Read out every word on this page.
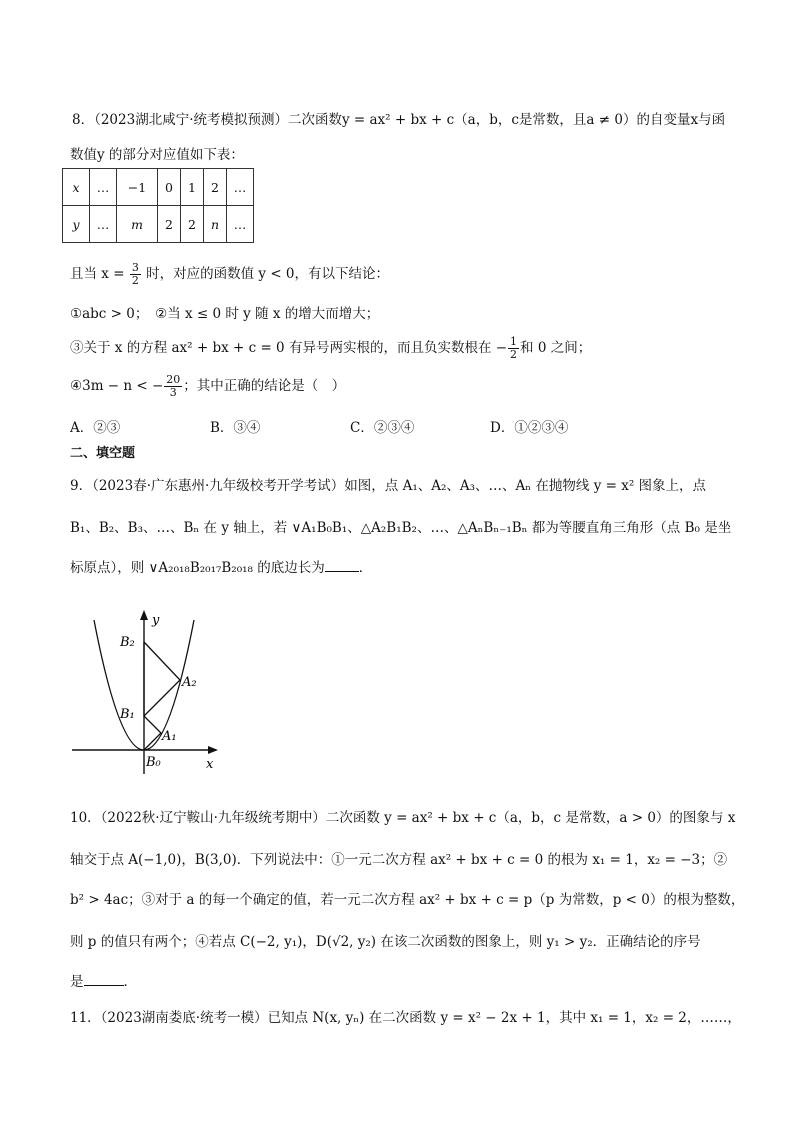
8．（2023湖北咸宁·统考模拟预测）二次函数y = ax² + bx + c（a，b，c是常数，且a ≠ 0）的自变量x与函
数值y 的部分对应值如下表：
x	…	−1	0	1	2	…
y	…	m	2	2	n	…
且当 $x = \frac{3}{2}$ 时，对应的函数值 y < 0，有以下结论：
①abc > 0；　②当 x ≤ 0 时 y 随 x 的增大而增大；
③关于 x 的方程 ax² + bx + c = 0 有异号两实根的，而且负实数根在 − $\frac{1}{2}$ 和 0 之间；
④3m − n < − $\frac{20}{3}$ ；其中正确的结论是（　）
A．②③	B．③④	C．②③④	D．①②③④
二、填空题
9．（2023春·广东惠州·九年级校考开学考试）如图，点 A₁、A₂、A₃、…、Aₙ 在抛物线 y = x² 图象上，点
B₁、B₂、B₃、…、Bₙ 在 y 轴上，若 ∨A₁B₀B₁、△A₂B₁B₂、…、△AₙBₙ₋₁Bₙ 都为等腰直角三角形（点 B₀ 是坐
标原点），则 ∨A₂₀₁₈B₂₀₁₇B₂₀₁₈ 的底边长为	．
y
x
B₂
A₂
B₁
A₁
B₀
10．（2022秋·辽宁鞍山·九年级统考期中）二次函数 y = ax² + bx + c（a，b，c 是常数，a > 0）的图象与 x
轴交于点 A(−1,0)，B(3,0)．下列说法中：①一元二次方程 ax² + bx + c = 0 的根为 x₁ = 1，x₂ = −3；②
b² > 4ac；③对于 a 的每一个确定的值，若一元二次方程 ax² + bx + c = p（p 为常数，p < 0）的根为整数，
则 p 的值只有两个；④若点 C(−2, y₁)，D(√2, y₂) 在该二次函数的图象上，则 y₁ > y₂．正确结论的序号
是	．
11．（2023湖南娄底·统考一模）已知点 N(x, yₙ) 在二次函数 y = x² − 2x + 1，其中 x₁ = 1，x₂ = 2，……，
